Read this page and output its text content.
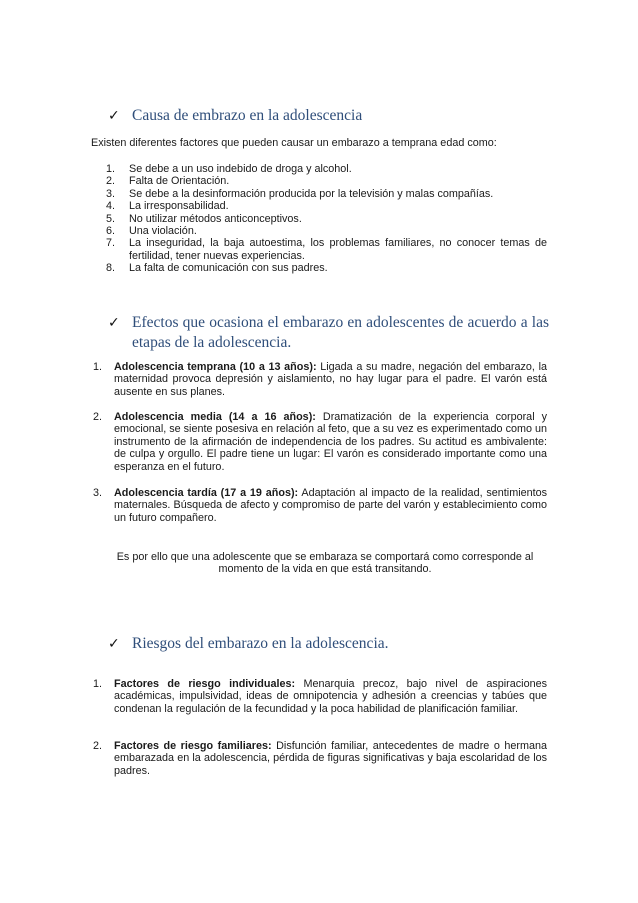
✓ Causa de embrazo en la adolescencia
Existen diferentes factores que pueden causar un embarazo a temprana edad como:
1. Se debe a un uso indebido de droga y alcohol.
2. Falta de Orientación.
3. Se debe a la desinformación producida por la televisión y malas compañías.
4. La irresponsabilidad.
5. No utilizar métodos anticonceptivos.
6. Una violación.
7. La inseguridad, la baja autoestima, los problemas familiares, no conocer temas de fertilidad, tener nuevas experiencias.
8. La falta de comunicación con sus padres.
✓ Efectos que ocasiona el embarazo en adolescentes de acuerdo a las etapas de la adolescencia.
1. Adolescencia temprana (10 a 13 años): Ligada a su madre, negación del embarazo, la maternidad provoca depresión y aislamiento, no hay lugar para el padre. El varón está ausente en sus planes.
2. Adolescencia media (14 a 16 años): Dramatización de la experiencia corporal y emocional, se siente posesiva en relación al feto, que a su vez es experimentado como un instrumento de la afirmación de independencia de los padres. Su actitud es ambivalente: de culpa y orgullo. El padre tiene un lugar: El varón es considerado importante como una esperanza en el futuro.
3. Adolescencia tardía (17 a 19 años): Adaptación al impacto de la realidad, sentimientos maternales. Búsqueda de afecto y compromiso de parte del varón y establecimiento como un futuro compañero.
Es por ello que una adolescente que se embaraza se comportará como corresponde al momento de la vida en que está transitando.
✓ Riesgos del embarazo en la adolescencia.
1. Factores de riesgo individuales: Menarquia precoz, bajo nivel de aspiraciones académicas, impulsividad, ideas de omnipotencia y adhesión a creencias y tabúes que condenan la regulación de la fecundidad y la poca habilidad de planificación familiar.
2. Factores de riesgo familiares: Disfunción familiar, antecedentes de madre o hermana embarazada en la adolescencia, pérdida de figuras significativas y baja escolaridad de los padres.
